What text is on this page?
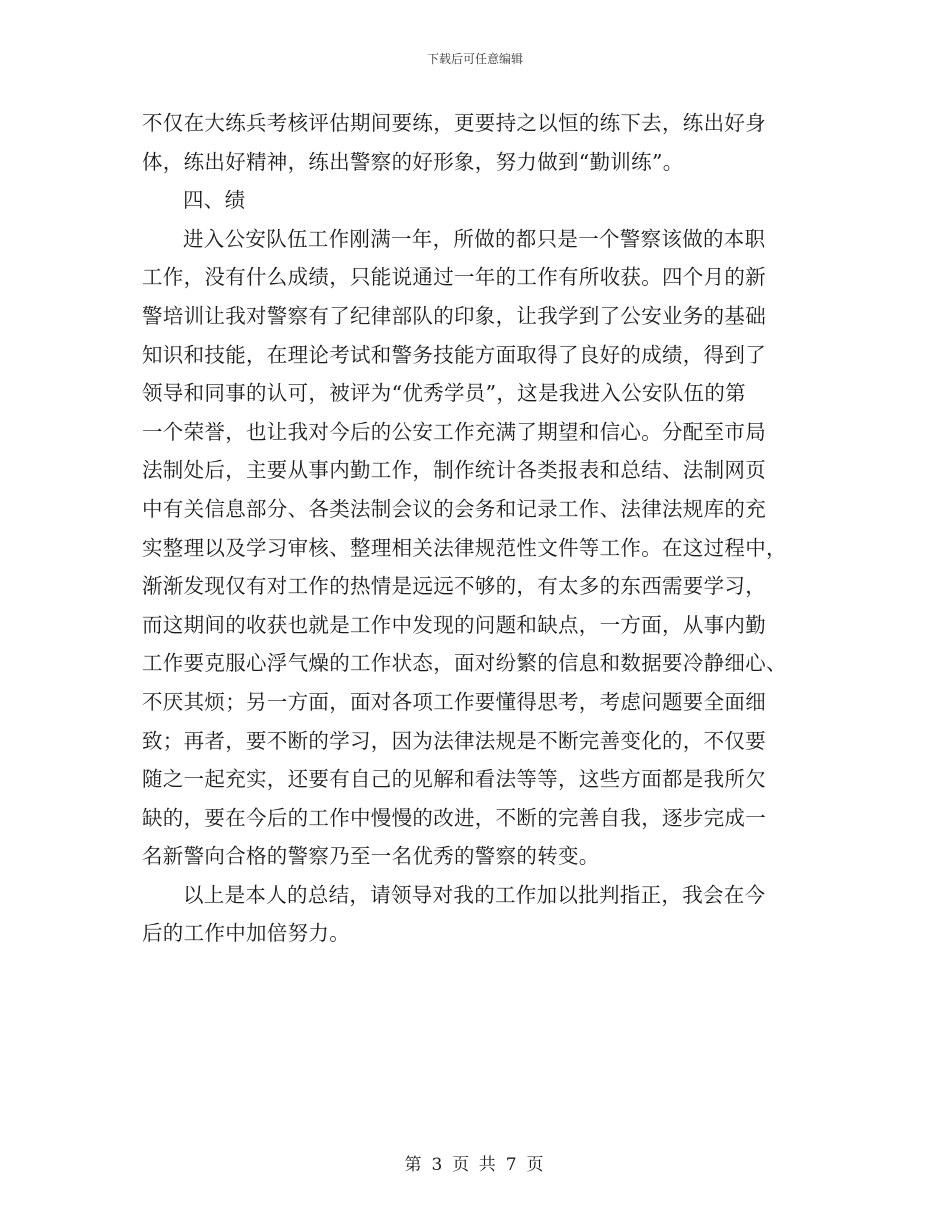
下载后可任意编辑
不仅在大练兵考核评估期间要练，更要持之以恒的练下去，练出好身
体，练出好精神，练出警察的好形象，努力做到“勤训练”。
四、绩
进入公安队伍工作刚满一年，所做的都只是一个警察该做的本职
工作，没有什么成绩，只能说通过一年的工作有所收获。四个月的新
警培训让我对警察有了纪律部队的印象，让我学到了公安业务的基础
知识和技能，在理论考试和警务技能方面取得了良好的成绩，得到了
领导和同事的认可，被评为“优秀学员”，这是我进入公安队伍的第
一个荣誉，也让我对今后的公安工作充满了期望和信心。分配至市局
法制处后，主要从事内勤工作，制作统计各类报表和总结、法制网页
中有关信息部分、各类法制会议的会务和记录工作、法律法规库的充
实整理以及学习审核、整理相关法律规范性文件等工作。在这过程中，
渐渐发现仅有对工作的热情是远远不够的，有太多的东西需要学习，
而这期间的收获也就是工作中发现的问题和缺点，一方面，从事内勤
工作要克服心浮气燥的工作状态，面对纷繁的信息和数据要冷静细心、
不厌其烦；另一方面，面对各项工作要懂得思考，考虑问题要全面细
致；再者，要不断的学习，因为法律法规是不断完善变化的，不仅要
随之一起充实，还要有自己的见解和看法等等，这些方面都是我所欠
缺的，要在今后的工作中慢慢的改进，不断的完善自我，逐步完成一
名新警向合格的警察乃至一名优秀的警察的转变。
以上是本人的总结，请领导对我的工作加以批判指正，我会在今
后的工作中加倍努力。
第 3 页 共 7 页
